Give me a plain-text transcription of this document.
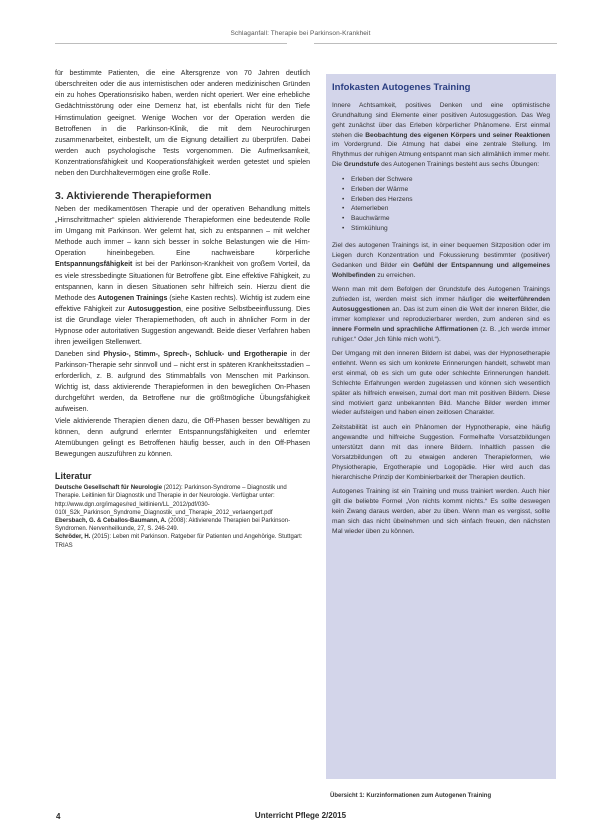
Schlaganfall: Therapie bei Parkinson-Krankheit

für bestimmte Patienten, die eine Altersgrenze von 70 Jahren deutlich überschreiten oder die aus internistischen oder anderen medizinischen Gründen ein zu hohes Operationsrisiko haben, werden nicht operiert. Wer eine erhebliche Gedächtnisstörung oder eine Demenz hat, ist ebenfalls nicht für den Tiefe Hirnstimulation geeignet. Wenige Wochen vor der Operation werden die Betroffenen in die Parkinson-Klinik, die mit dem Neurochirurgen zusammenarbeitet, einbestellt, um die Eignung detailliert zu überprüfen. Dabei werden auch psychologische Tests vorgenommen. Die Aufmerksamkeit, Konzentrationsfähigkeit und Kooperationsfähigkeit werden getestet und spielen neben den Durchhaltevermögen eine große Rolle.

3. Aktivierende Therapieformen

Neben der medikamentösen Therapie und der operativen Behandlung mittels „Hirnschrittmacher“ spielen aktivierende Therapieformen eine bedeutende Rolle im Umgang mit Parkinson. Wer gelernt hat, sich zu entspannen – mit welcher Methode auch immer – kann sich besser in solche Belastungen wie die Hirn-Operation hineinbegeben. Eine nachweisbare körperliche Entspannungsfähigkeit ist bei der Parkinson-Krankheit von großem Vorteil, da es viele stressbedingte Situationen für Betroffene gibt. Eine effektive Fähigkeit, zu entspannen, kann in diesen Situationen sehr hilfreich sein. Hierzu dient die Methode des Autogenen Trainings (siehe Kasten rechts). Wichtig ist zudem eine effektive Fähigkeit zur Autosuggestion, eine positive Selbstbeeinflussung. Dies ist die Grundlage vieler Therapiemethoden, oft auch in ähnlicher Form in der Hypnose oder autoritativen Suggestion angewandt. Beide dieser Verfahren haben ihren jeweiligen Stellenwert.

Daneben sind Physio-, Stimm-, Sprech-, Schluck- und Ergotherapie in der Parkinson-Therapie sehr sinnvoll und – nicht erst in späteren Krankheitsstadien – erforderlich, z. B. aufgrund des Stimmabfalls von Menschen mit Parkinson. Wichtig ist, dass aktivierende Therapieformen in den beweglichen On-Phasen durchgeführt werden, da Betroffene nur die größtmögliche Übungsfähigkeit aufweisen.

Viele aktivierende Therapien dienen dazu, die Off-Phasen besser bewältigen zu können, denn aufgrund erlernter Entspannungsfähigkeiten und erlernter Atemübungen gelingt es Betroffenen häufig besser, auch in den Off-Phasen Bewegungen auszuführen zu können.

Literatur

Deutsche Gesellschaft für Neurologie (2012): Parkinson-Syndrome – Diagnostik und Therapie. Leitlinien für Diagnostik und Therapie in der Neurologie. Verfügbar unter: http://www.dgn.org/images/red_leitlinien/LL_2012/pdf/030-010l_S2k_Parkinson_Syndrome_Diagnostik_und_Therapie_2012_verlaengert.pdf

Ebersbach, G. & Ceballos-Baumann, A. (2008): Aktivierende Therapien bei Parkinson-Syndromen. Nervenheilkunde, 27, S. 246-249.

Schröder, H. (2015): Leben mit Parkinson. Ratgeber für Patienten und Angehörige. Stuttgart: TRIAS

Infokasten Autogenes Training

Innere Achtsamkeit, positives Denken und eine optimistische Grundhaltung sind Elemente einer positiven Autosuggestion. Das Weg geht zunächst über das Erleben körperlicher Phänomene. Erst einmal stehen die Beobachtung des eigenen Körpers und seiner Reaktionen im Vordergrund. Die Atmung hat dabei eine zentrale Stellung. Im Rhythmus der ruhigen Atmung entspannt man sich allmählich immer mehr. Die Grundstufe des Autogenen Trainings besteht aus sechs Übungen:

• Erleben der Schwere
• Erleben der Wärme
• Erleben des Herzens
• Atemerleben
• Bauchwärme
• Stirnkühlung

Ziel des autogenen Trainings ist, in einer bequemen Sitzposition oder im Liegen durch Konzentration und Fokussierung bestimmter (positiver) Gedanken und Bilder ein Gefühl der Entspannung und allgemeines Wohlbefinden zu erreichen.

Wenn man mit dem Befolgen der Grundstufe des Autogenen Trainings zufrieden ist, werden meist sich immer häufiger die weiterführenden Autosuggestionen an. Das ist zum einen die Welt der inneren Bilder, die immer komplexer und reproduzierbarer werden, zum anderen sind es innere Formeln und sprachliche Affirmationen (z. B. „Ich werde immer ruhiger.“ Oder „Ich fühle mich wohl.“).

Der Umgang mit den inneren Bildern ist dabei, was der Hypnosetherapie entlehnt. Wenn es sich um konkrete Erinnerungen handelt, schwebt man erst einmal, ob es sich um gute oder schlechte Erinnerungen handelt. Schlechte Erfahrungen werden zugelassen und können sich wesentlich später als hilfreich erweisen, zumal dort man mit positiven Bildern. Diese sind motiviert ganz unbekannten Bild. Manche Bilder werden immer wieder aufsteigen und haben einen zeitlosen Charakter.

Zeitstabilität ist auch ein Phänomen der Hypnotherapie, eine häufig angewandte und hilfreiche Suggestion. Formelhafte Vorsatzbildungen unterstützt dann mit das innere Bildern. Inhaltlich passen die Vorsatzbildungen oft zu etwaigen anderen Therapieformen, wie Physiotherapie, Ergotherapie und Logopädie. Hier wird auch das hierarchische Prinzip der Kombinierbarkeit der Therapien deutlich.

Autogenes Training ist ein Training und muss trainiert werden. Auch hier gilt die beliebte Formel „Von nichts kommt nichts.“ Es sollte deswegen kein Zwang daraus werden, aber zu üben. Wenn man es vergisst, sollte man sich das nicht übelnehmen und sich einfach freuen, den nächsten Mal wieder üben zu können.

Übersicht 1: Kurzinformationen zum Autogenen Training
4	Unterricht Pflege 2/2015
